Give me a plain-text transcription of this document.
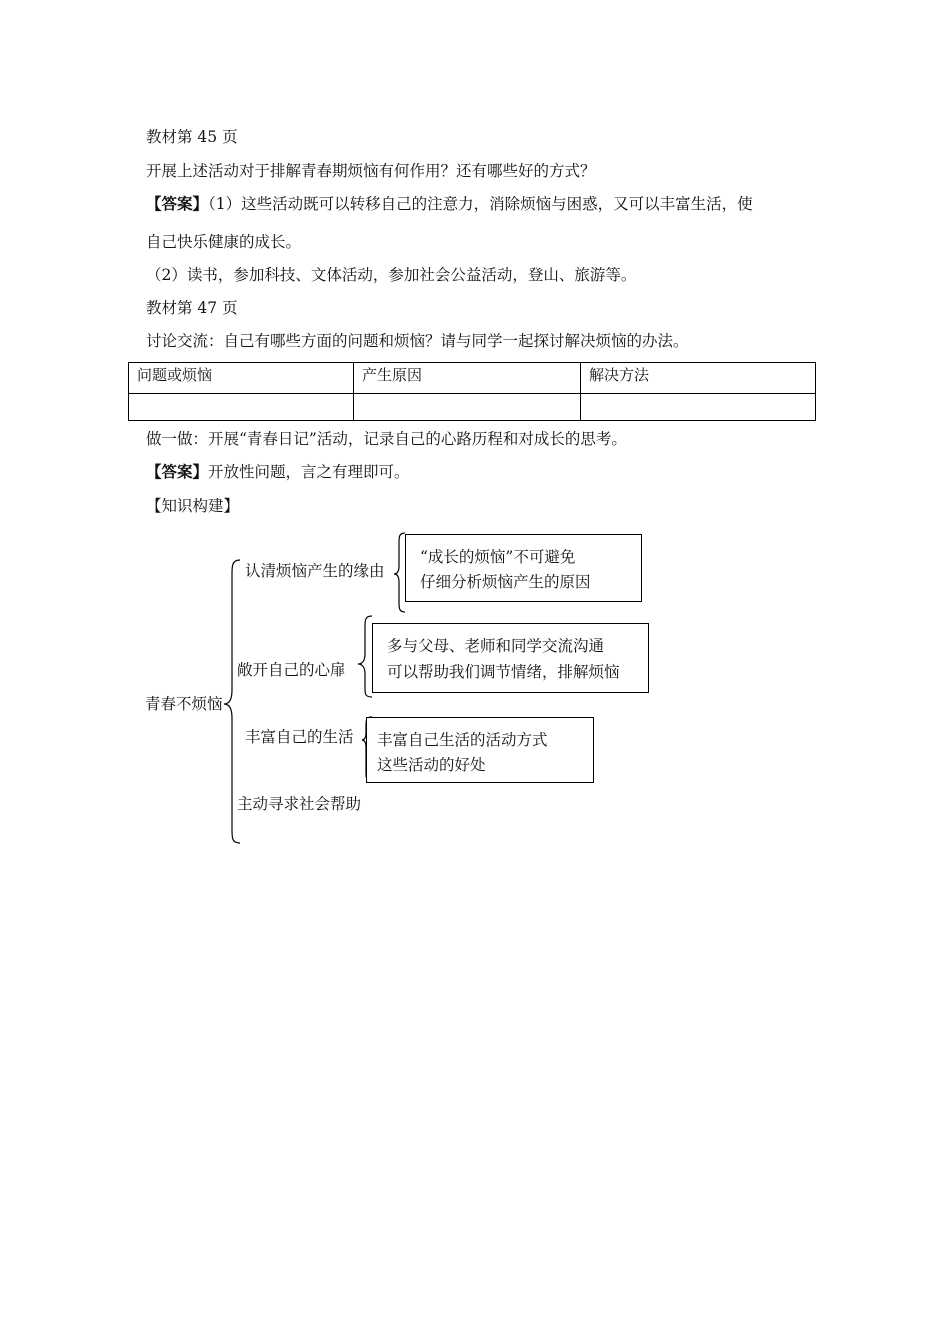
教材第 45 页
开展上述活动对于排解青春期烦恼有何作用？还有哪些好的方式？
【答案】（1）这些活动既可以转移自己的注意力，消除烦恼与困惑，又可以丰富生活，使
自己快乐健康的成长。
（2）读书，参加科技、文体活动，参加社会公益活动，登山、旅游等。
教材第 47 页
讨论交流：自己有哪些方面的问题和烦恼？请与同学一起探讨解决烦恼的办法。
问题或烦恼	产生原因	解决方法

做一做：开展“青春日记”活动，记录自己的心路历程和对成长的思考。
【答案】开放性问题，言之有理即可。
【知识构建】
青春不烦恼
认清烦恼产生的缘由
敞开自己的心扉
丰富自己的生活
主动寻求社会帮助
“成长的烦恼”不可避免
仔细分析烦恼产生的原因
多与父母、老师和同学交流沟通
可以帮助我们调节情绪，排解烦恼
丰富自己生活的活动方式
这些活动的好处
